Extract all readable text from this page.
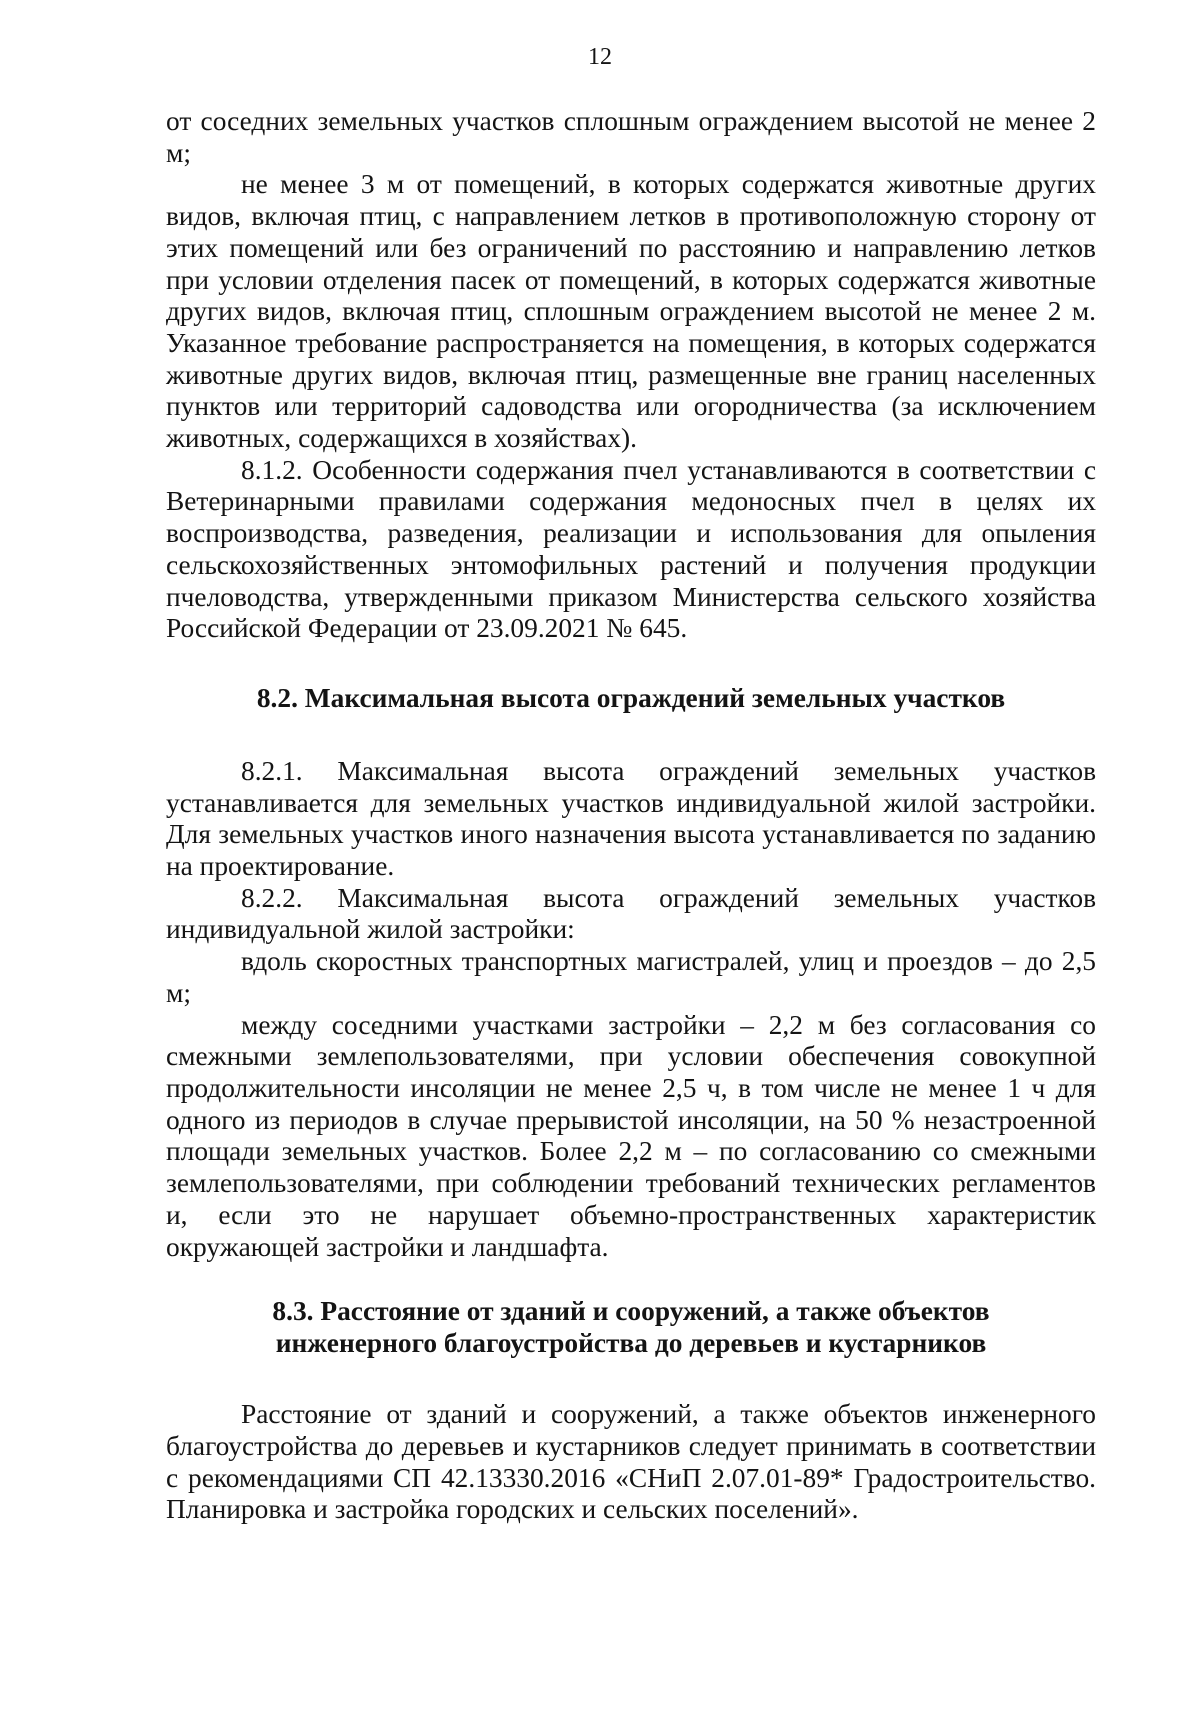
12

от соседних земельных участков сплошным ограждением высотой не менее 2 м;

не менее 3 м от помещений, в которых содержатся животные других видов, включая птиц, с направлением летков в противоположную сторону от этих помещений или без ограничений по расстоянию и направлению летков при условии отделения пасек от помещений, в которых содержатся животные других видов, включая птиц, сплошным ограждением высотой не менее 2 м. Указанное требование распространяется на помещения, в которых содержатся животные других видов, включая птиц, размещенные вне границ населенных пунктов или территорий садоводства или огородничества (за исключением животных, содержащихся в хозяйствах).

8.1.2. Особенности содержания пчел устанавливаются в соответствии с Ветеринарными правилами содержания медоносных пчел в целях их воспроизводства, разведения, реализации и использования для опыления сельскохозяйственных энтомофильных растений и получения продукции пчеловодства, утвержденными приказом Министерства сельского хозяйства Российской Федерации от 23.09.2021 № 645.

8.2. Максимальная высота ограждений земельных участков

8.2.1. Максимальная высота ограждений земельных участков устанавливается для земельных участков индивидуальной жилой застройки. Для земельных участков иного назначения высота устанавливается по заданию на проектирование.

8.2.2. Максимальная высота ограждений земельных участков индивидуальной жилой застройки:

вдоль скоростных транспортных магистралей, улиц и проездов – до 2,5 м;

между соседними участками застройки – 2,2 м без согласования со смежными землепользователями, при условии обеспечения совокупной продолжительности инсоляции не менее 2,5 ч, в том числе не менее 1 ч для одного из периодов в случае прерывистой инсоляции, на 50 % незастроенной площади земельных участков. Более 2,2 м – по согласованию со смежными землепользователями, при соблюдении требований технических регламентов и, если это не нарушает объемно-пространственных характеристик окружающей застройки и ландшафта.

8.3. Расстояние от зданий и сооружений, а также объектов
инженерного благоустройства до деревьев и кустарников

Расстояние от зданий и сооружений, а также объектов инженерного благоустройства до деревьев и кустарников следует принимать в соответствии с рекомендациями СП 42.13330.2016 «СНиП 2.07.01-89* Градостроительство. Планировка и застройка городских и сельских поселений».
